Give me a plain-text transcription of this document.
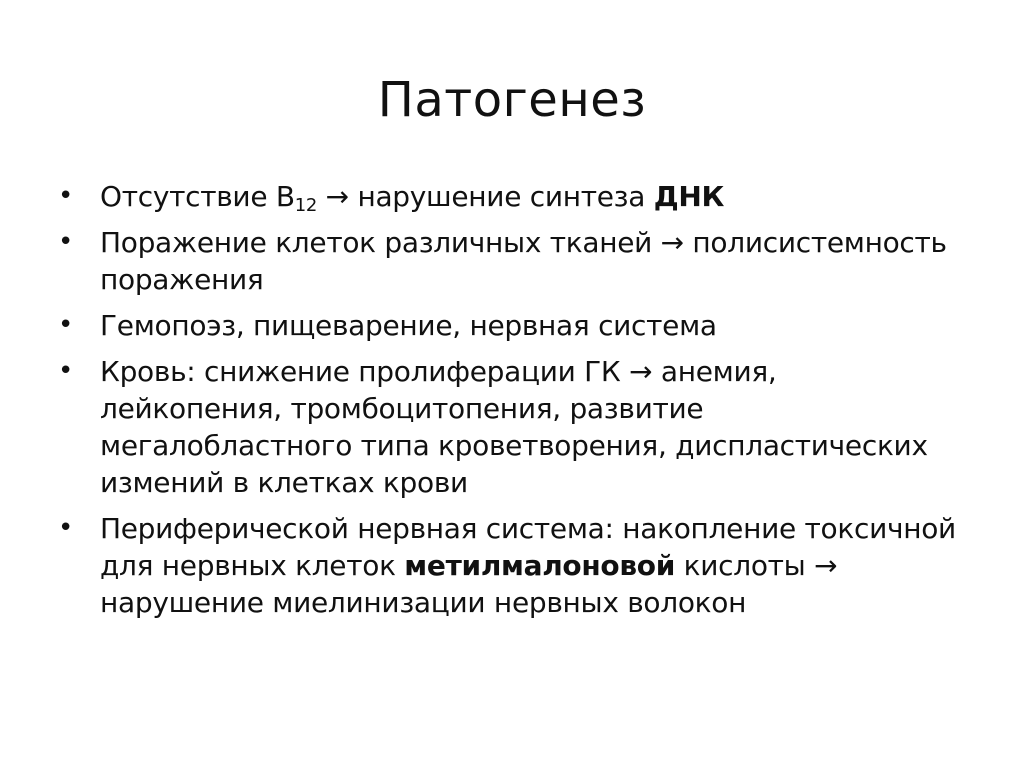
Патогенез
• Отсутствие $B_{12}$ → нарушение синтеза ДНК
• Поражение клеток различных тканей → полисистемность поражения
• Гемопоэз, пищеварение, нервная система
• Кровь: снижение пролиферации ГК → анемия, лейкопения, тромбоцитопения, развитие мегалобластного типа кроветворения, диспластических измений в клетках крови
• Периферической нервная система: накопление токсичной для нервных клеток метилмалоновой кислоты → нарушение миелинизации нервных волокон
